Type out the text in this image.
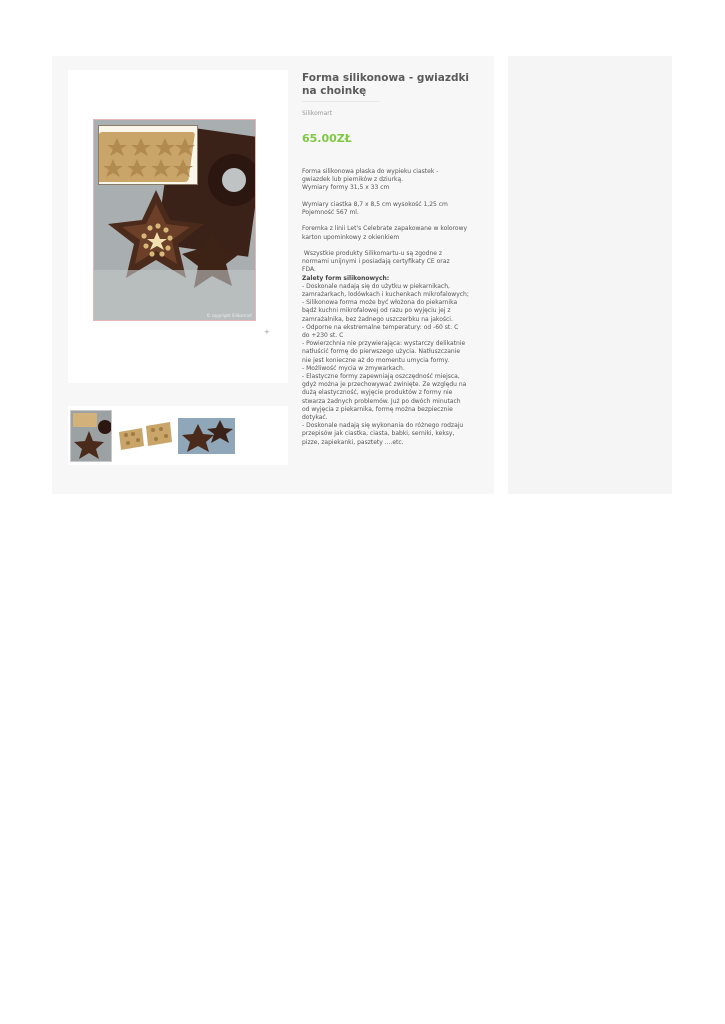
© copyright Silikomart
+
Forma silikonowa - gwiazdki na choinkę
Silikomart
65.00ZŁ

Forma silikonowa płaska do wypieku ciastek -

gwiazdek lub pierników z dziurką.

Wymiary formy 31,5 x 33 cm

Wymiary ciastka 8,7 x 8,5 cm wysokość 1,25 cm

Pojemność 567 ml.

Foremka z linii Let's Celebrate zapakowane w kolorowy

karton upominkowy z okienkiem

Wszystkie produkty Silikomartu-u są zgodne z

normami unijnymi i posiadają certyfikaty CE oraz

FDA.

Zalety form silikonowych:

- Doskonale nadają się do użytku w piekarnikach,

zamrażarkach, lodówkach i kuchenkach mikrofalowych;

- Silikonowa forma może być włożona do piekarnika

bądź kuchni mikrofalowej od razu po wyjęciu jej z

zamrażalnika, bez żadnego uszczerbku na jakości.

- Odporne na ekstremalne temperatury: od -60 st. C

do +230 st. C

- Powierzchnia nie przywierająca: wystarczy delikatnie

natłuścić formę do pierwszego użycia. Natłuszczanie

nie jest konieczne aż do momentu umycia formy.

- Możliwość mycia w zmywarkach.

- Elastyczne formy zapewniają oszczędność miejsca,

gdyż można je przechowywać zwinięte. Ze względu na

dużą elastyczność, wyjęcie produktów z formy nie

stwarza żadnych problemów. Już po dwóch minutach

od wyjęcia z piekarnika, formę można bezpiecznie

dotykać.

- Doskonale nadają się wykonania do różnego rodzaju

przepisów jak ciastka, ciasta, babki, serniki, keksy,

pizze, zapiekanki, pasztety ....etc.
